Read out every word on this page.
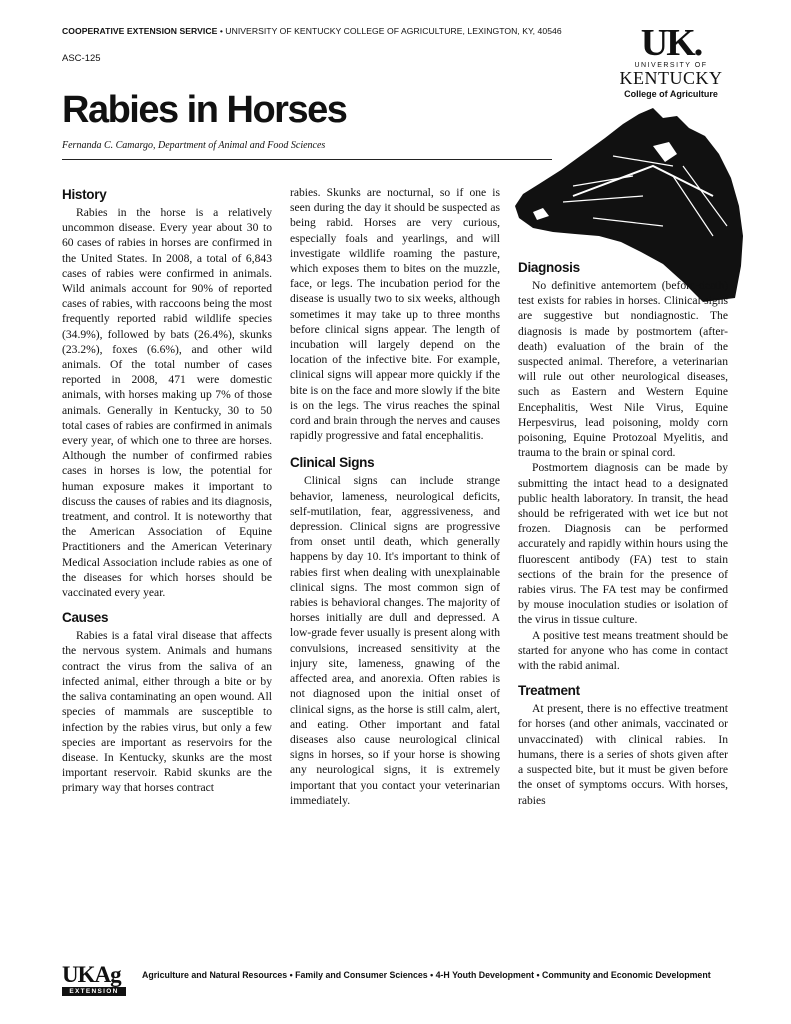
COOPERATIVE EXTENSION SERVICE • UNIVERSITY OF KENTUCKY COLLEGE OF AGRICULTURE, LEXINGTON, KY, 40546
ASC-125
Rabies in Horses
Fernanda C. Camargo, Department of Animal and Food Sciences
UK.
UNIVERSITY OF
KENTUCKY
College of Agriculture
History

Rabies in the horse is a relatively uncommon disease. Every year about 30 to 60 cases of rabies in horses are confirmed in the United States. In 2008, a total of 6,843 cases of rabies were confirmed in animals. Wild animals account for 90% of reported cases of rabies, with raccoons being the most frequently reported rabid wildlife species (34.9%), followed by bats (26.4%), skunks (23.2%), foxes (6.6%), and other wild animals. Of the total number of cases reported in 2008, 471 were domestic animals, with horses making up 7% of those animals. Generally in Kentucky, 30 to 50 total cases of rabies are confirmed in animals every year, of which one to three are horses. Although the number of confirmed rabies cases in horses is low, the potential for human exposure makes it important to discuss the causes of rabies and its diagnosis, treatment, and control. It is noteworthy that the American Association of Equine Practitioners and the American Veterinary Medical Association include rabies as one of the diseases for which horses should be vaccinated every year.

Causes

Rabies is a fatal viral disease that affects the nervous system. Animals and humans contract the virus from the saliva of an infected animal, either through a bite or by the saliva contaminating an open wound. All species of mammals are susceptible to infection by the rabies virus, but only a few species are important as reservoirs for the disease. In Kentucky, skunks are the most important reservoir. Rabid skunks are the primary way that horses contract

rabies. Skunks are nocturnal, so if one is seen during the day it should be suspected as being rabid. Horses are very curious, especially foals and yearlings, and will investigate wildlife roaming the pasture, which exposes them to bites on the muzzle, face, or legs. The incubation period for the disease is usually two to six weeks, although sometimes it may take up to three months before clinical signs appear. The length of incubation will largely depend on the location of the infective bite. For example, clinical signs will appear more quickly if the bite is on the face and more slowly if the bite is on the legs. The virus reaches the spinal cord and brain through the nerves and causes rapidly progressive and fatal encephalitis.

Clinical Signs

Clinical signs can include strange behavior, lameness, neurological deficits, self-mutilation, fear, aggressiveness, and depression. Clinical signs are progressive from onset until death, which generally happens by day 10. It's important to think of rabies first when dealing with unexplainable clinical signs. The most common sign of rabies is behavioral changes. The majority of horses initially are dull and depressed. A low-grade fever usually is present along with convulsions, increased sensitivity at the injury site, lameness, gnawing of the affected area, and anorexia. Often rabies is not diagnosed upon the initial onset of clinical signs, as the horse is still calm, alert, and eating. Other important and fatal diseases also cause neurological clinical signs in horses, so if your horse is showing any neurological signs, it is extremely important that you contact your veterinarian immediately.

Diagnosis

No definitive antemortem (before-death) test exists for rabies in horses. Clinical signs are suggestive but nondiagnostic. The diagnosis is made by postmortem (after-death) evaluation of the brain of the suspected animal. Therefore, a veterinarian will rule out other neurological diseases, such as Eastern and Western Equine Encephalitis, West Nile Virus, Equine Herpesvirus, lead poisoning, moldy corn poisoning, Equine Protozoal Myelitis, and trauma to the brain or spinal cord.

Postmortem diagnosis can be made by submitting the intact head to a designated public health laboratory. In transit, the head should be refrigerated with wet ice but not frozen. Diagnosis can be performed accurately and rapidly within hours using the fluorescent antibody (FA) test to stain sections of the brain for the presence of rabies virus. The FA test may be confirmed by mouse inoculation studies or isolation of the virus in tissue culture.

A positive test means treatment should be started for anyone who has come in contact with the rabid animal.

Treatment

At present, there is no effective treatment for horses (and other animals, vaccinated or unvaccinated) with clinical rabies. In humans, there is a series of shots given after a suspected bite, but it must be given before the onset of symptoms occurs. With horses, rabies

UKAg
EXTENSION
Agriculture and Natural Resources • Family and Consumer Sciences • 4-H Youth Development • Community and Economic Development
